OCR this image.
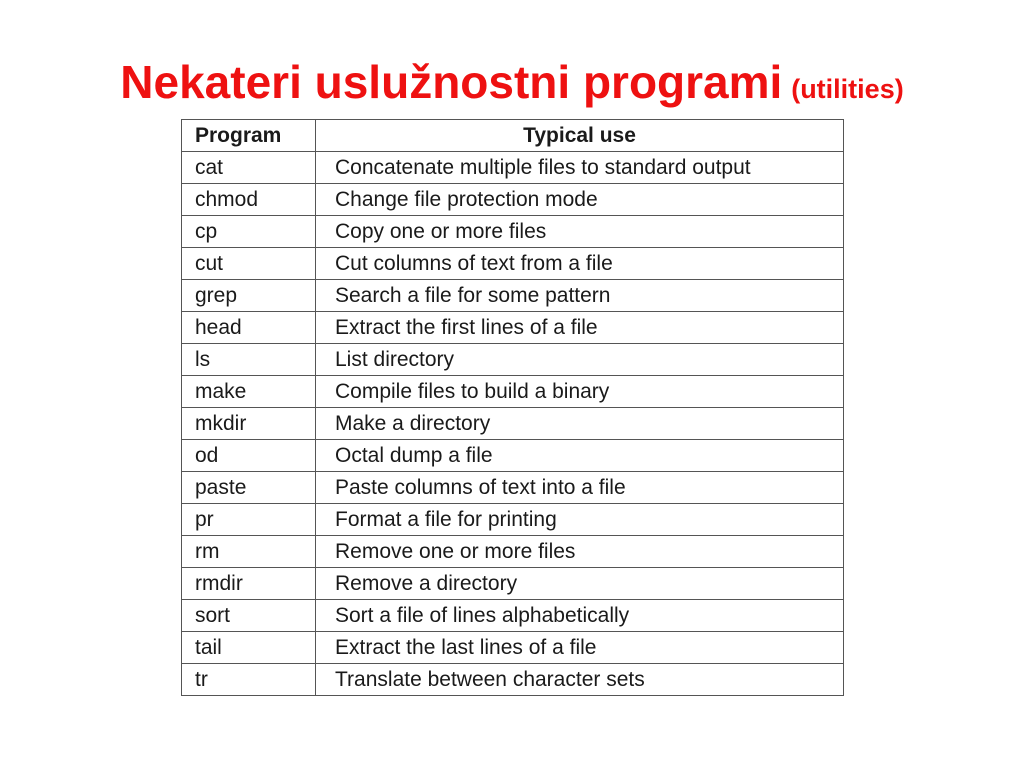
Nekateri uslužnostni programi (utilities)
Program	Typical use
cat	Concatenate multiple files to standard output
chmod	Change file protection mode
cp	Copy one or more files
cut	Cut columns of text from a file
grep	Search a file for some pattern
head	Extract the first lines of a file
ls	List directory
make	Compile files to build a binary
mkdir	Make a directory
od	Octal dump a file
paste	Paste columns of text into a file
pr	Format a file for printing
rm	Remove one or more files
rmdir	Remove a directory
sort	Sort a file of lines alphabetically
tail	Extract the last lines of a file
tr	Translate between character sets
